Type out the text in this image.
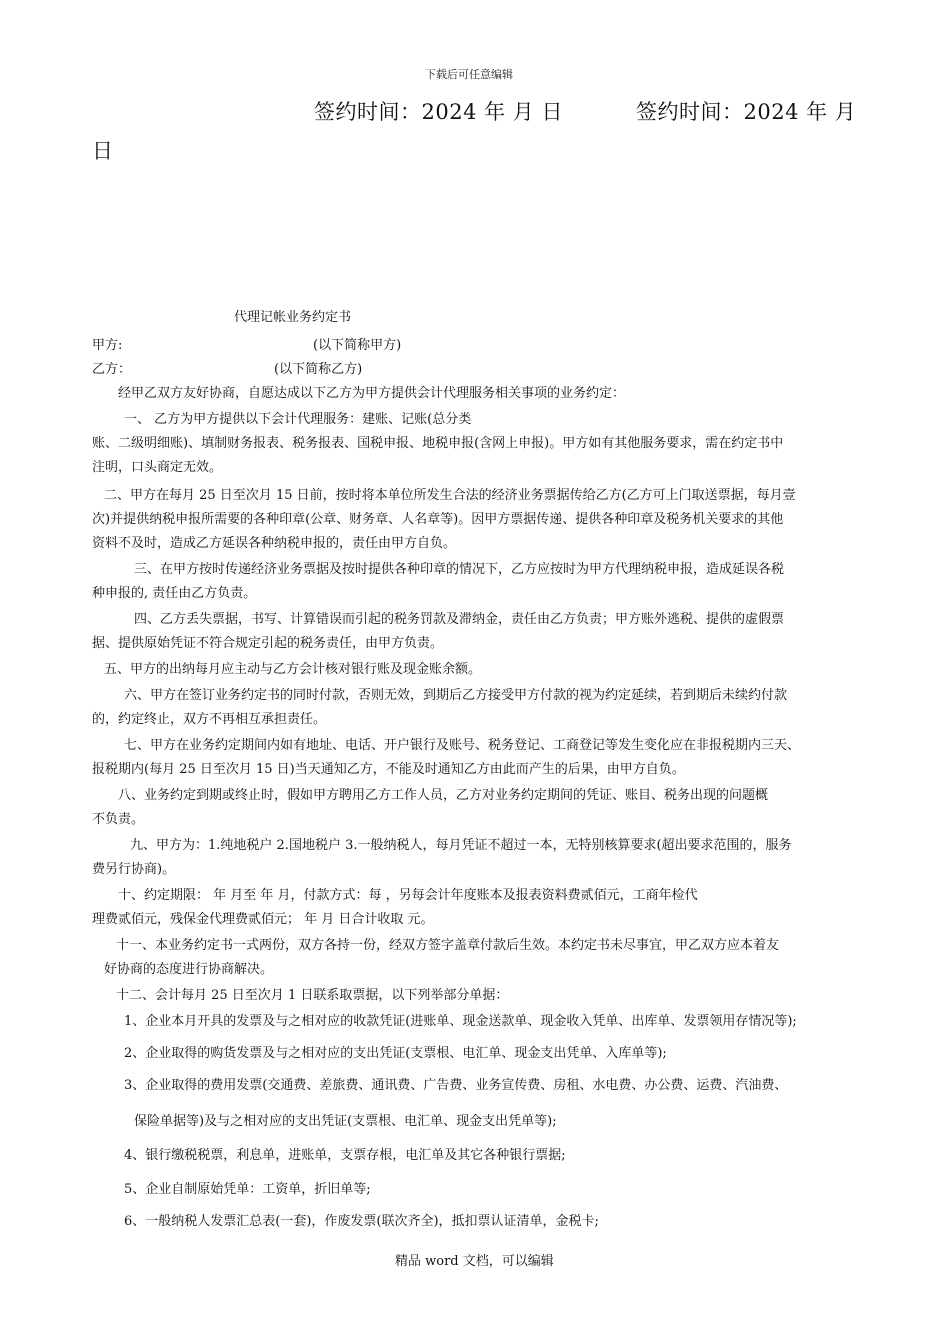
下载后可任意编辑
签约时间：2024 年 月 日	签约时间：2024 年 月
日
代理记帐业务约定书
甲方:	(以下简称甲方)
乙方：	(以下简称乙方)
经甲乙双方友好协商，自愿达成以下乙方为甲方提供会计代理服务相关事项的业务约定：
一、 乙方为甲方提供以下会计代理服务：建账、记账(总分类
账、二级明细账)、填制财务报表、税务报表、国税申报、地税申报(含网上申报)。甲方如有其他服务要求，需在约定书中
注明，口头商定无效。
二、甲方在每月 25 日至次月 15 日前，按时将本单位所发生合法的经济业务票据传给乙方(乙方可上门取送票据，每月壹
次)并提供纳税申报所需要的各种印章(公章、财务章、人名章等)。因甲方票据传递、提供各种印章及税务机关要求的其他
资料不及时，造成乙方延误各种纳税申报的，责任由甲方自负。
三、在甲方按时传递经济业务票据及按时提供各种印章的情况下，乙方应按时为甲方代理纳税申报，造成延误各税
种申报的, 责任由乙方负责。
四、乙方丢失票据，书写、计算错误而引起的税务罚款及滞纳金，责任由乙方负责；甲方账外逃税、提供的虚假票
据、提供原始凭证不符合规定引起的税务责任，由甲方负责。
五、甲方的出纳每月应主动与乙方会计核对银行账及现金账余额。
六、甲方在签订业务约定书的同时付款，否则无效，到期后乙方接受甲方付款的视为约定延续，若到期后未续约付款
的，约定终止，双方不再相互承担责任。
七、甲方在业务约定期间内如有地址、电话、开户银行及账号、税务登记、工商登记等发生变化应在非报税期内三天、
报税期内(每月 25 日至次月 15 日)当天通知乙方，不能及时通知乙方由此而产生的后果，由甲方自负。
八、业务约定到期或终止时，假如甲方聘用乙方工作人员，乙方对业务约定期间的凭证、账目、税务出现的问题概
不负责。
九、甲方为：1.纯地税户 2.国地税户 3.一般纳税人，每月凭证不超过一本，无特别核算要求(超出要求范围的，服务
费另行协商)。
十、约定期限： 年 月至 年 月，付款方式：每 ，另每会计年度账本及报表资料费贰佰元，工商年检代
理费贰佰元，残保金代理费贰佰元； 年 月 日合计收取 元。
十一、本业务约定书一式两份，双方各持一份，经双方签字盖章付款后生效。本约定书未尽事宜，甲乙双方应本着友
好协商的态度进行协商解决。
十二、会计每月 25 日至次月 1 日联系取票据，以下列举部分单据：
1、企业本月开具的发票及与之相对应的收款凭证(进账单、现金送款单、现金收入凭单、出库单、发票领用存情况等);
2、企业取得的购货发票及与之相对应的支出凭证(支票根、电汇单、现金支出凭单、入库单等);
3、企业取得的费用发票(交通费、差旅费、通讯费、广告费、业务宣传费、房租、水电费、办公费、运费、汽油费、
保险单据等)及与之相对应的支出凭证(支票根、电汇单、现金支出凭单等);
4、银行缴税税票，利息单，进账单，支票存根，电汇单及其它各种银行票据;
5、企业自制原始凭单：工资单，折旧单等;
6、一般纳税人发票汇总表(一套)，作废发票(联次齐全)，抵扣票认证清单，金税卡;
精品 word 文档，可以编辑
